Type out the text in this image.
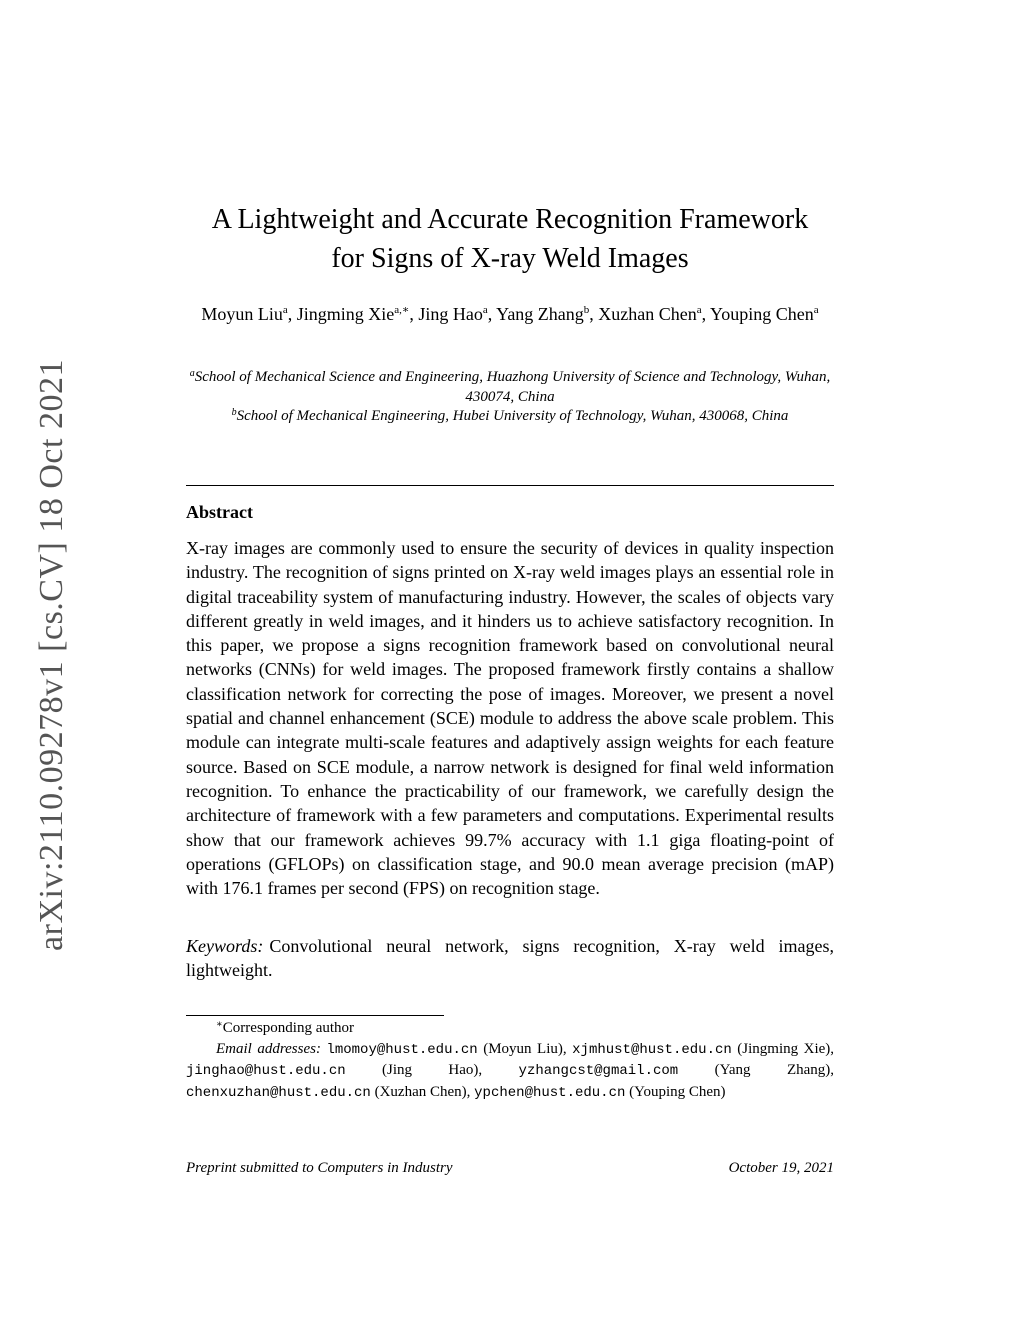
arXiv:2110.09278v1 [cs.CV] 18 Oct 2021
A Lightweight and Accurate Recognition Framework
for Signs of X-ray Weld Images
Moyun Liu$^a$, Jingming Xie$^{a,∗}$, Jing Hao$^a$, Yang Zhang$^b$, Xuzhan Chen$^a$, Youping Chen$^a$
$^a$School of Mechanical Science and Engineering, Huazhong University of Science and Technology, Wuhan, 430074, China
$^b$School of Mechanical Engineering, Hubei University of Technology, Wuhan, 430068, China
Abstract
X-ray images are commonly used to ensure the security of devices in quality inspection industry. The recognition of signs printed on X-ray weld images plays an essential role in digital traceability system of manufacturing industry. However, the scales of objects vary different greatly in weld images, and it hinders us to achieve satisfactory recognition. In this paper, we propose a signs recognition framework based on convolutional neural networks (CNNs) for weld images. The proposed framework firstly contains a shallow classification network for correcting the pose of images. Moreover, we present a novel spatial and channel enhancement (SCE) module to address the above scale problem. This module can integrate multi-scale features and adaptively assign weights for each feature source. Based on SCE module, a narrow network is designed for final weld information recognition. To enhance the practicability of our framework, we carefully design the architecture of framework with a few parameters and computations. Experimental results show that our framework achieves 99.7% accuracy with 1.1 giga floating-point of operations (GFLOPs) on classification stage, and 90.0 mean average precision (mAP) with 176.1 frames per second (FPS) on recognition stage.
Keywords: Convolutional neural network, signs recognition, X-ray weld images, lightweight.

∗Corresponding author

Email addresses: lmomoy@hust.edu.cn (Moyun Liu), xjmhust@hust.edu.cn (Jingming Xie), jinghao@hust.edu.cn (Jing Hao), yzhangcst@gmail.com (Yang Zhang), chenxuzhan@hust.edu.cn (Xuzhan Chen), ypchen@hust.edu.cn (Youping Chen)

Preprint submitted to Computers in Industry	October 19, 2021
